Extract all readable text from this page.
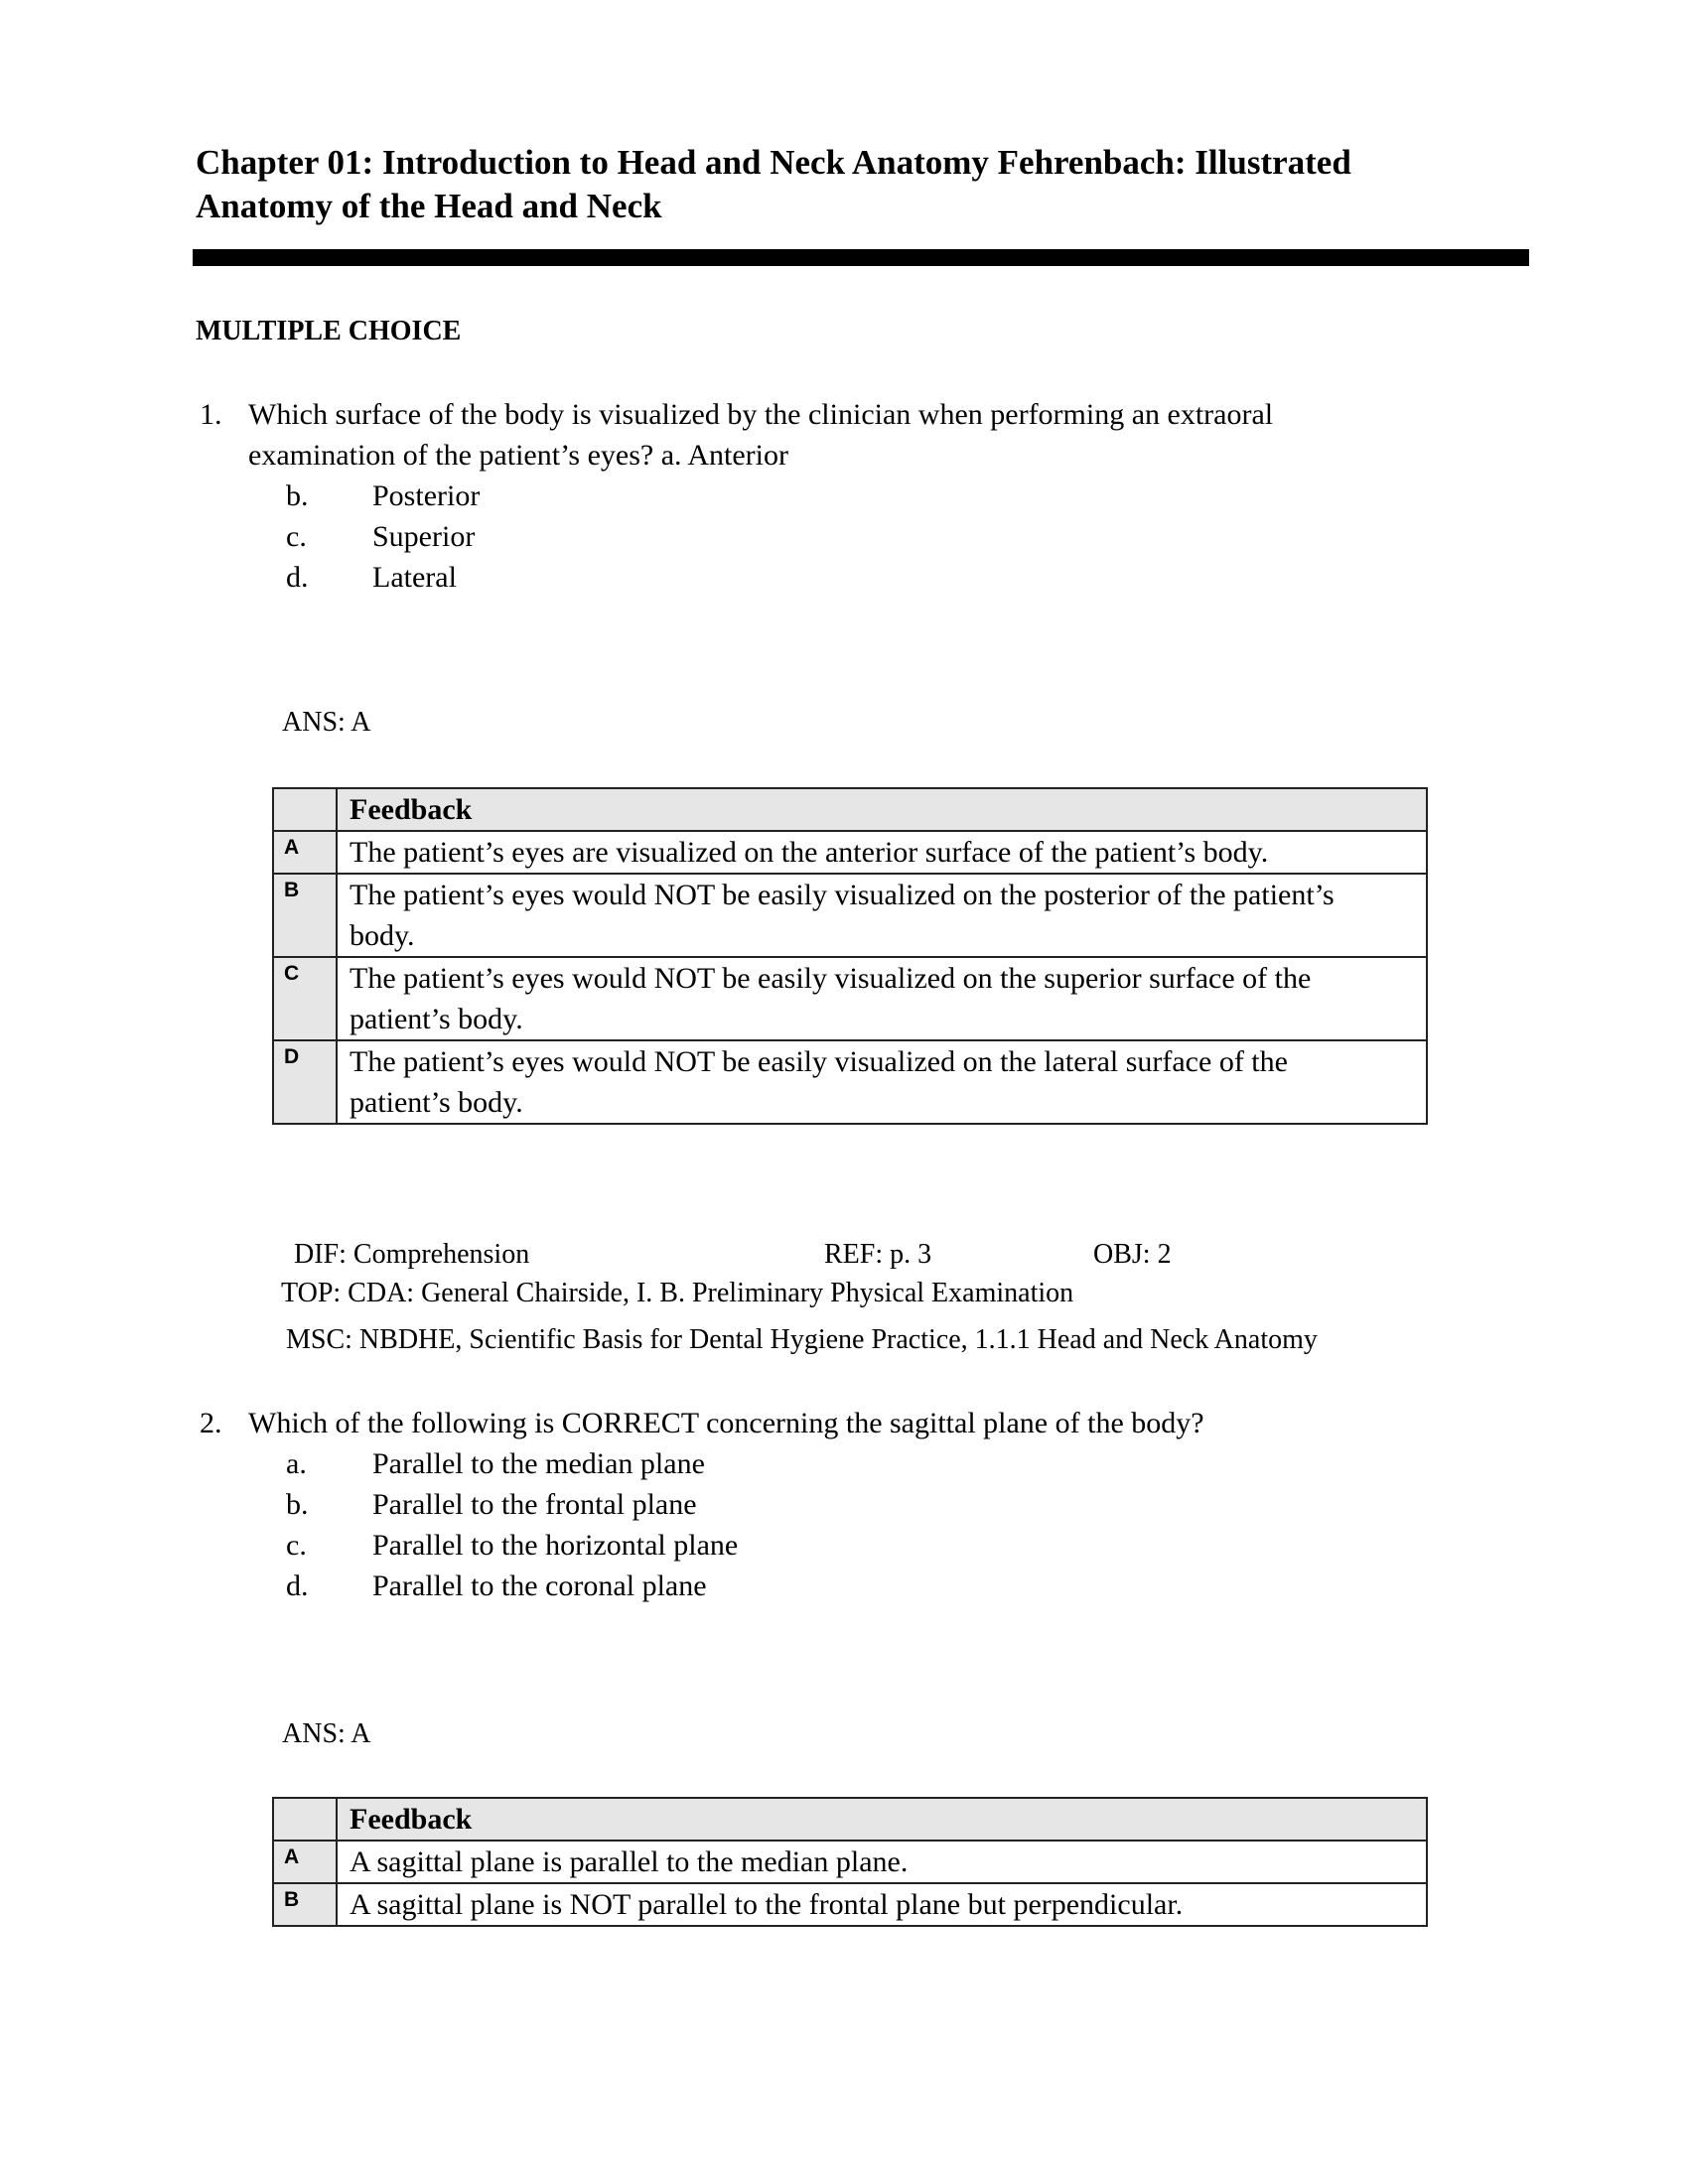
Chapter 01: Introduction to Head and Neck Anatomy Fehrenbach: Illustrated Anatomy of the Head and Neck
MULTIPLE CHOICE
1. Which surface of the body is visualized by the clinician when performing an extraoral
examination of the patient’s eyes? a. Anterior
b. Posterior
c. Superior
d. Lateral
ANS: A
	Feedback
A	The patient’s eyes are visualized on the anterior surface of the patient’s body.
B	The patient’s eyes would NOT be easily visualized on the posterior of the patient’s body.
C	The patient’s eyes would NOT be easily visualized on the superior surface of the patient’s body.
D	The patient’s eyes would NOT be easily visualized on the lateral surface of the patient’s body.
DIF: Comprehension	REF: p. 3	OBJ: 2
TOP: CDA: General Chairside, I. B. Preliminary Physical Examination
MSC: NBDHE, Scientific Basis for Dental Hygiene Practice, 1.1.1 Head and Neck Anatomy
2. Which of the following is CORRECT concerning the sagittal plane of the body?
a. Parallel to the median plane
b. Parallel to the frontal plane
c. Parallel to the horizontal plane
d. Parallel to the coronal plane
ANS: A
	Feedback
A	A sagittal plane is parallel to the median plane.
B	A sagittal plane is NOT parallel to the frontal plane but perpendicular.
